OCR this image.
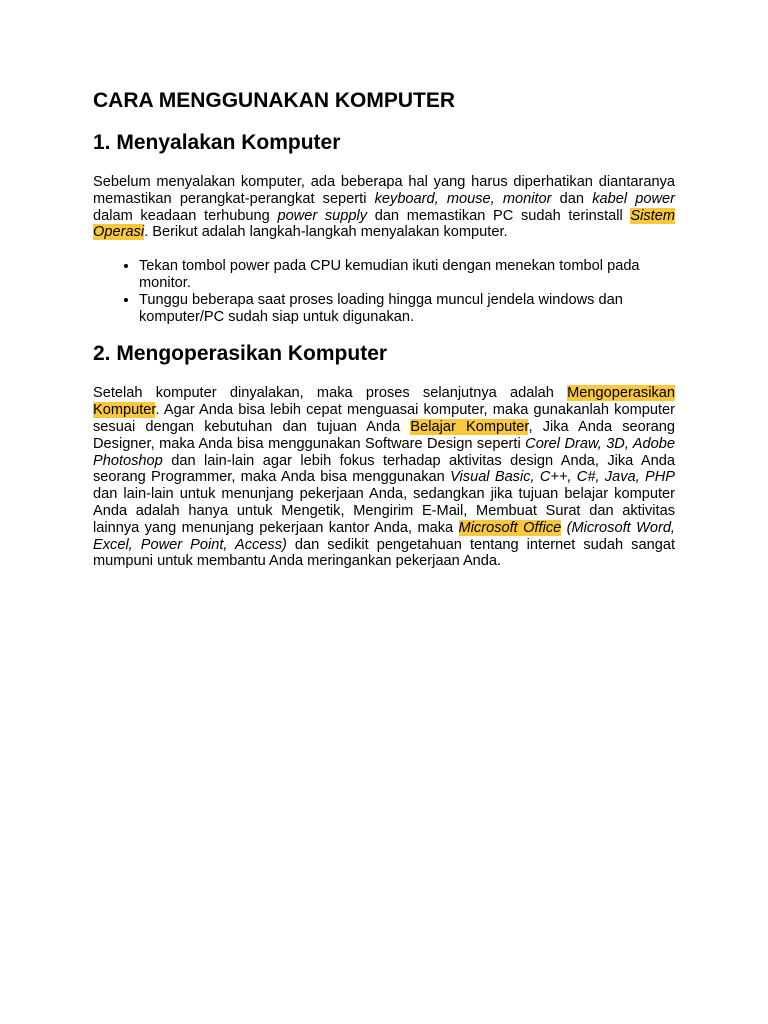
CARA MENGGUNAKAN KOMPUTER
1. Menyalakan Komputer

Sebelum menyalakan komputer, ada beberapa hal yang harus diperhatikan diantaranya memastikan perangkat-perangkat seperti keyboard, mouse, monitor dan kabel power dalam keadaan terhubung power supply dan memastikan PC sudah terinstall Sistem Operasi. Berikut adalah langkah-langkah menyalakan komputer.

• Tekan tombol power pada CPU kemudian ikuti dengan menekan tombol pada monitor.
• Tunggu beberapa saat proses loading hingga muncul jendela windows dan komputer/PC sudah siap untuk digunakan.
2. Mengoperasikan Komputer

Setelah komputer dinyalakan, maka proses selanjutnya adalah Mengoperasikan Komputer. Agar Anda bisa lebih cepat menguasai komputer, maka gunakanlah komputer sesuai dengan kebutuhan dan tujuan Anda Belajar Komputer, Jika Anda seorang Designer, maka Anda bisa menggunakan Software Design seperti Corel Draw, 3D, Adobe Photoshop dan lain-lain agar lebih fokus terhadap aktivitas design Anda, Jika Anda seorang Programmer, maka Anda bisa menggunakan Visual Basic, C++, C#, Java, PHP dan lain-lain untuk menunjang pekerjaan Anda, sedangkan jika tujuan belajar komputer Anda adalah hanya untuk Mengetik, Mengirim E-Mail, Membuat Surat dan aktivitas lainnya yang menunjang pekerjaan kantor Anda, maka Microsoft Office (Microsoft Word, Excel, Power Point, Access) dan sedikit pengetahuan tentang internet sudah sangat mumpuni untuk membantu Anda meringankan pekerjaan Anda.
